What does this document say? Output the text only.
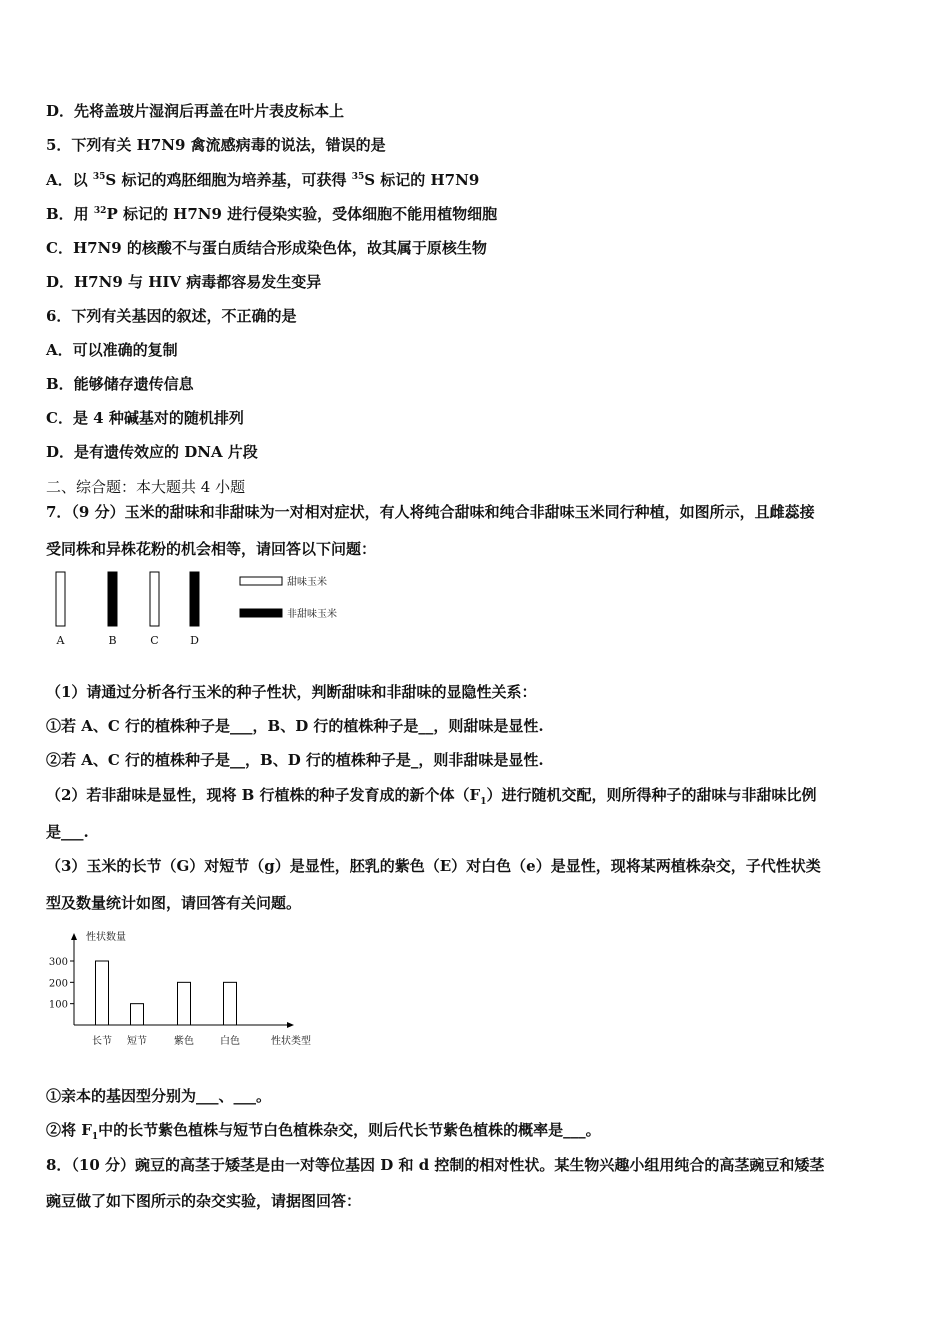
D．先将盖玻片湿润后再盖在叶片表皮标本上
5．下列有关 H7N9 禽流感病毒的说法，错误的是
A．以 $^{35}$S 标记的鸡胚细胞为培养基，可获得 $^{35}$S 标记的 H7N9
B．用 $^{32}$P 标记的 H7N9 进行侵染实验，受体细胞不能用植物细胞
C．H7N9 的核酸不与蛋白质结合形成染色体，故其属于原核生物
D．H7N9 与 HIV 病毒都容易发生变异
6．下列有关基因的叙述，不正确的是
A．可以准确的复制
B．能够储存遗传信息
C．是 4 种碱基对的随机排列
D．是有遗传效应的 DNA 片段
二、综合题：本大题共 4 小题
7．（9 分）玉米的甜味和非甜味为一对相对症状，有人将纯合甜味和纯合非甜味玉米同行种植，如图所示，且雌蕊接
受同株和异株花粉的机会相等，请回答以下问题：
A	B	C	D
甜味玉米
非甜味玉米
（1）请通过分析各行玉米的种子性状，判断甜味和非甜味的显隐性关系：
①若 A、C 行的植株种子是___，B、D 行的植株种子是__，则甜味是显性.
②若 A、C 行的植株种子是__，B、D 行的植株种子是_，则非甜味是显性.
（2）若非甜味是显性，现将 B 行植株的种子发育成的新个体$(F_1)$进行随机交配，则所得种子的甜味与非甜味比例
是___.
（3）玉米的长节（G）对短节（g）是显性，胚乳的紫色（E）对白色（e）是显性，现将某两植株杂交，子代性状类
型及数量统计如图，请回答有关问题。
性状数量
100
200
300
长节 短节	紫色	白色	性状类型
①亲本的基因型分别为___、___。
②将 $F_1$中的长节紫色植株与短节白色植株杂交，则后代长节紫色植株的概率是___。
8．（10 分）豌豆的高茎于矮茎是由一对等位基因 D 和 d 控制的相对性状。某生物兴趣小组用纯合的高茎豌豆和矮茎
豌豆做了如下图所示的杂交实验，请据图回答：
